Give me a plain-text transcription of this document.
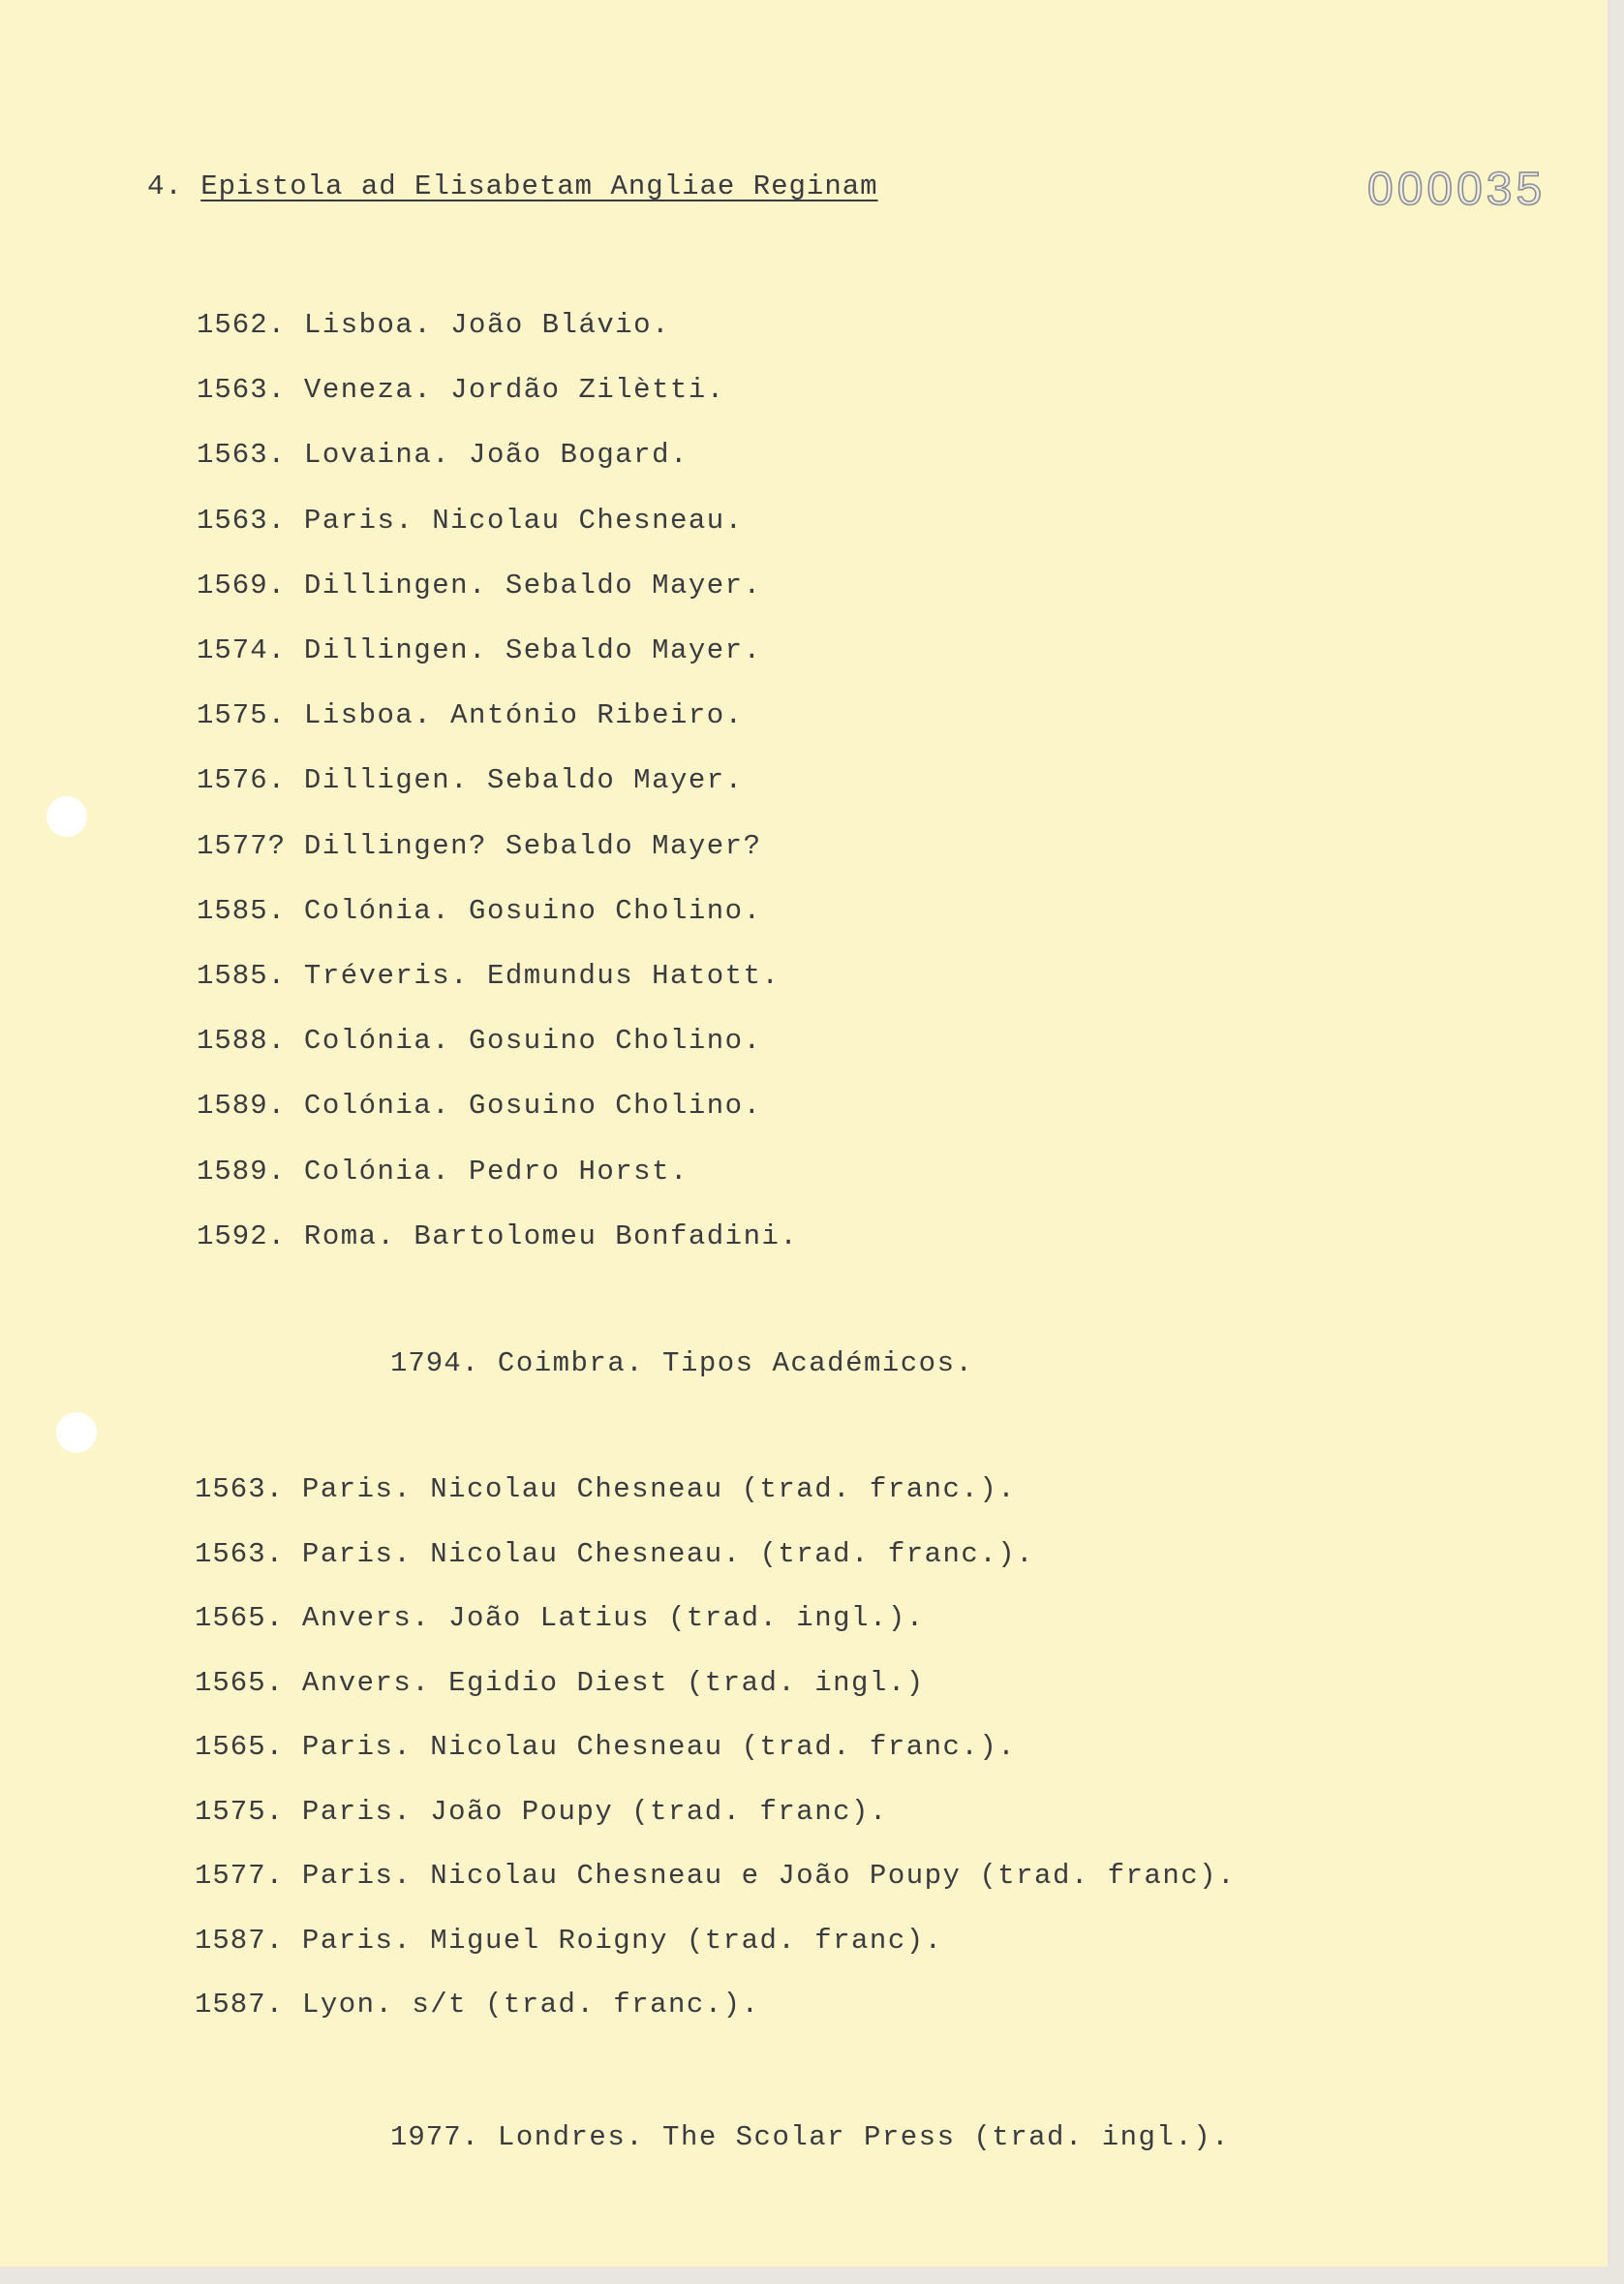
4. Epistola ad Elisabetam Angliae Reginam	000035
1562. Lisboa. João Blávio.
1563. Veneza. Jordão Zilètti.
1563. Lovaina. João Bogard.
1563. Paris. Nicolau Chesneau.
1569. Dillingen. Sebaldo Mayer.
1574. Dillingen. Sebaldo Mayer.
1575. Lisboa. António Ribeiro.
1576. Dilligen. Sebaldo Mayer.
1577? Dillingen? Sebaldo Mayer?
1585. Colónia. Gosuino Cholino.
1585. Tréveris. Edmundus Hatott.
1588. Colónia. Gosuino Cholino.
1589. Colónia. Gosuino Cholino.
1589. Colónia. Pedro Horst.
1592. Roma. Bartolomeu Bonfadini.
1794. Coimbra. Tipos Académicos.
1563. Paris. Nicolau Chesneau (trad. franc.).
1563. Paris. Nicolau Chesneau. (trad. franc.).
1565. Anvers. João Latius (trad. ingl.).
1565. Anvers. Egidio Diest (trad. ingl.)
1565. Paris. Nicolau Chesneau (trad. franc.).
1575. Paris. João Poupy (trad. franc).
1577. Paris. Nicolau Chesneau e João Poupy (trad. franc).
1587. Paris. Miguel Roigny (trad. franc).
1587. Lyon. s/t (trad. franc.).
1977. Londres. The Scolar Press (trad. ingl.).
